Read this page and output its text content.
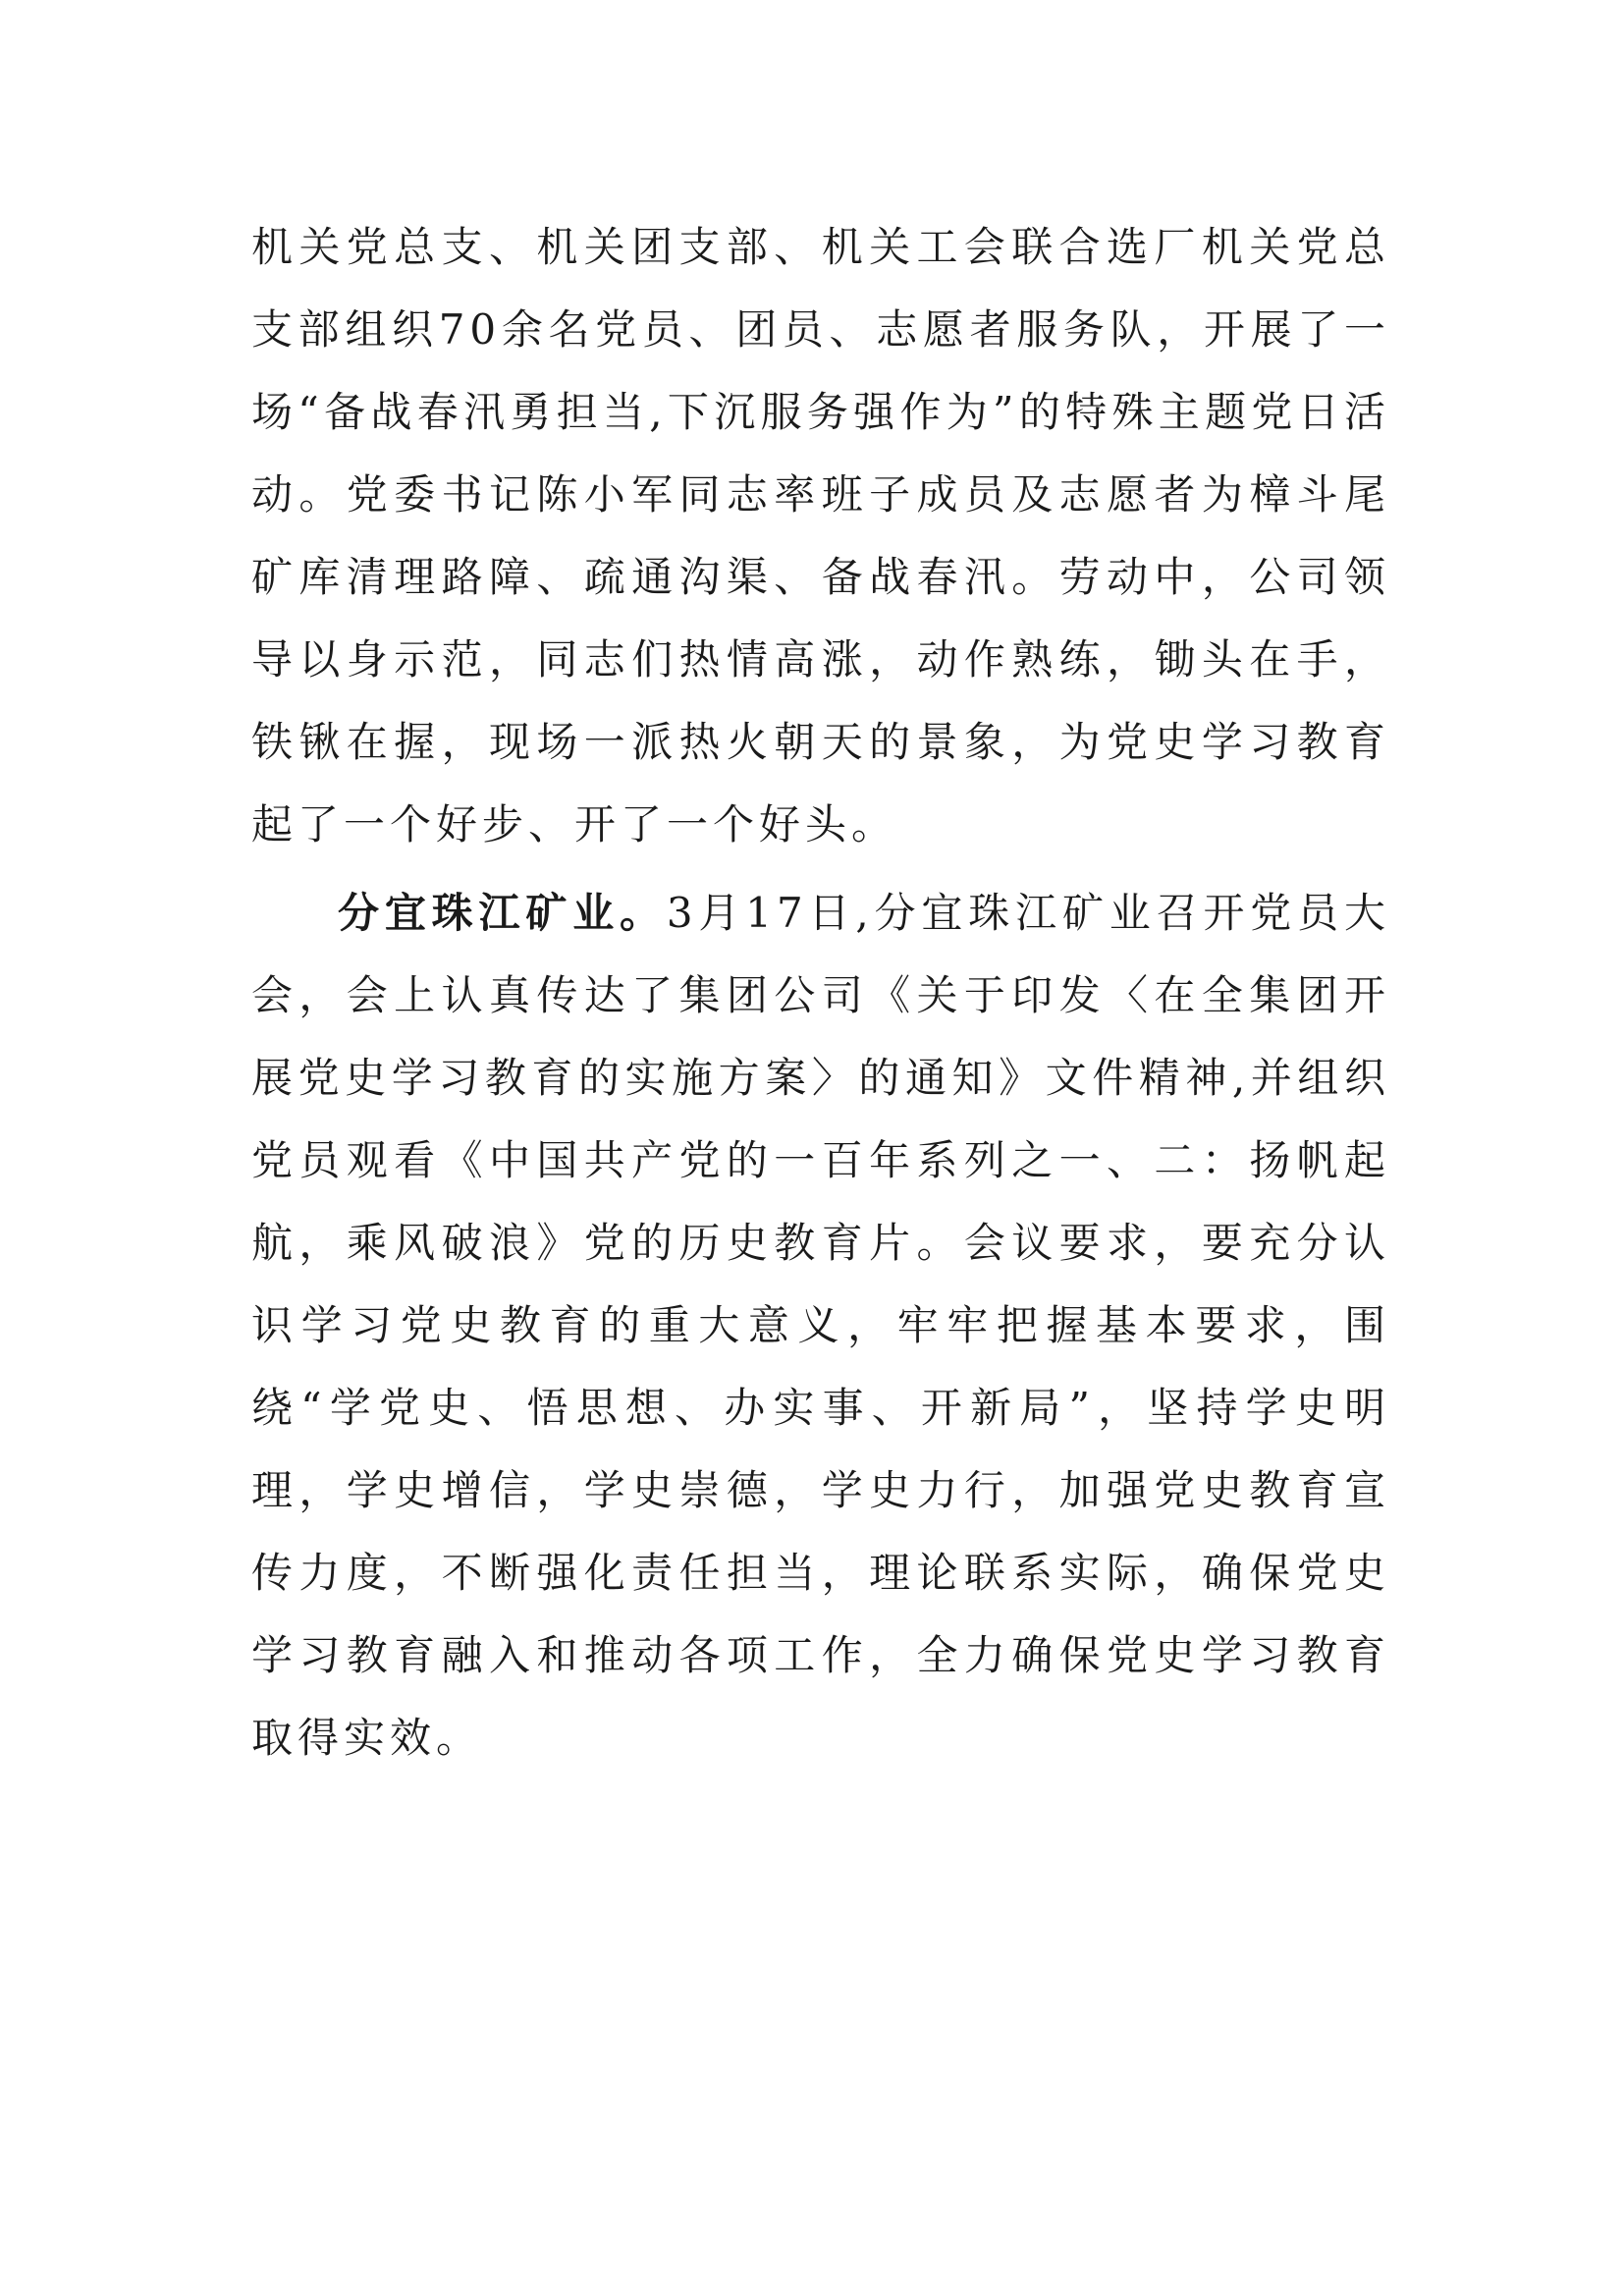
机关党总支、机关团支部、机关工会联合选厂机关党总支部组织70余名党员、团员、志愿者服务队，开展了一场“备战春汛勇担当,下沉服务强作为”的特殊主题党日活动。党委书记陈小军同志率班子成员及志愿者为樟斗尾矿库清理路障、疏通沟渠、备战春汛。劳动中，公司领导以身示范，同志们热情高涨，动作熟练，锄头在手，铁锹在握，现场一派热火朝天的景象，为党史学习教育起了一个好步、开了一个好头。

分宜珠江矿业。3月17日,分宜珠江矿业召开党员大会，会上认真传达了集团公司《关于印发〈在全集团开展党史学习教育的实施方案〉的通知》文件精神,并组织党员观看《中国共产党的一百年系列之一、二：扬帆起航，乘风破浪》党的历史教育片。会议要求，要充分认识学习党史教育的重大意义，牢牢把握基本要求，围绕“学党史、悟思想、办实事、开新局”，坚持学史明理，学史增信，学史崇德，学史力行，加强党史教育宣传力度，不断强化责任担当，理论联系实际，确保党史学习教育融入和推动各项工作，全力确保党史学习教育取得实效。
